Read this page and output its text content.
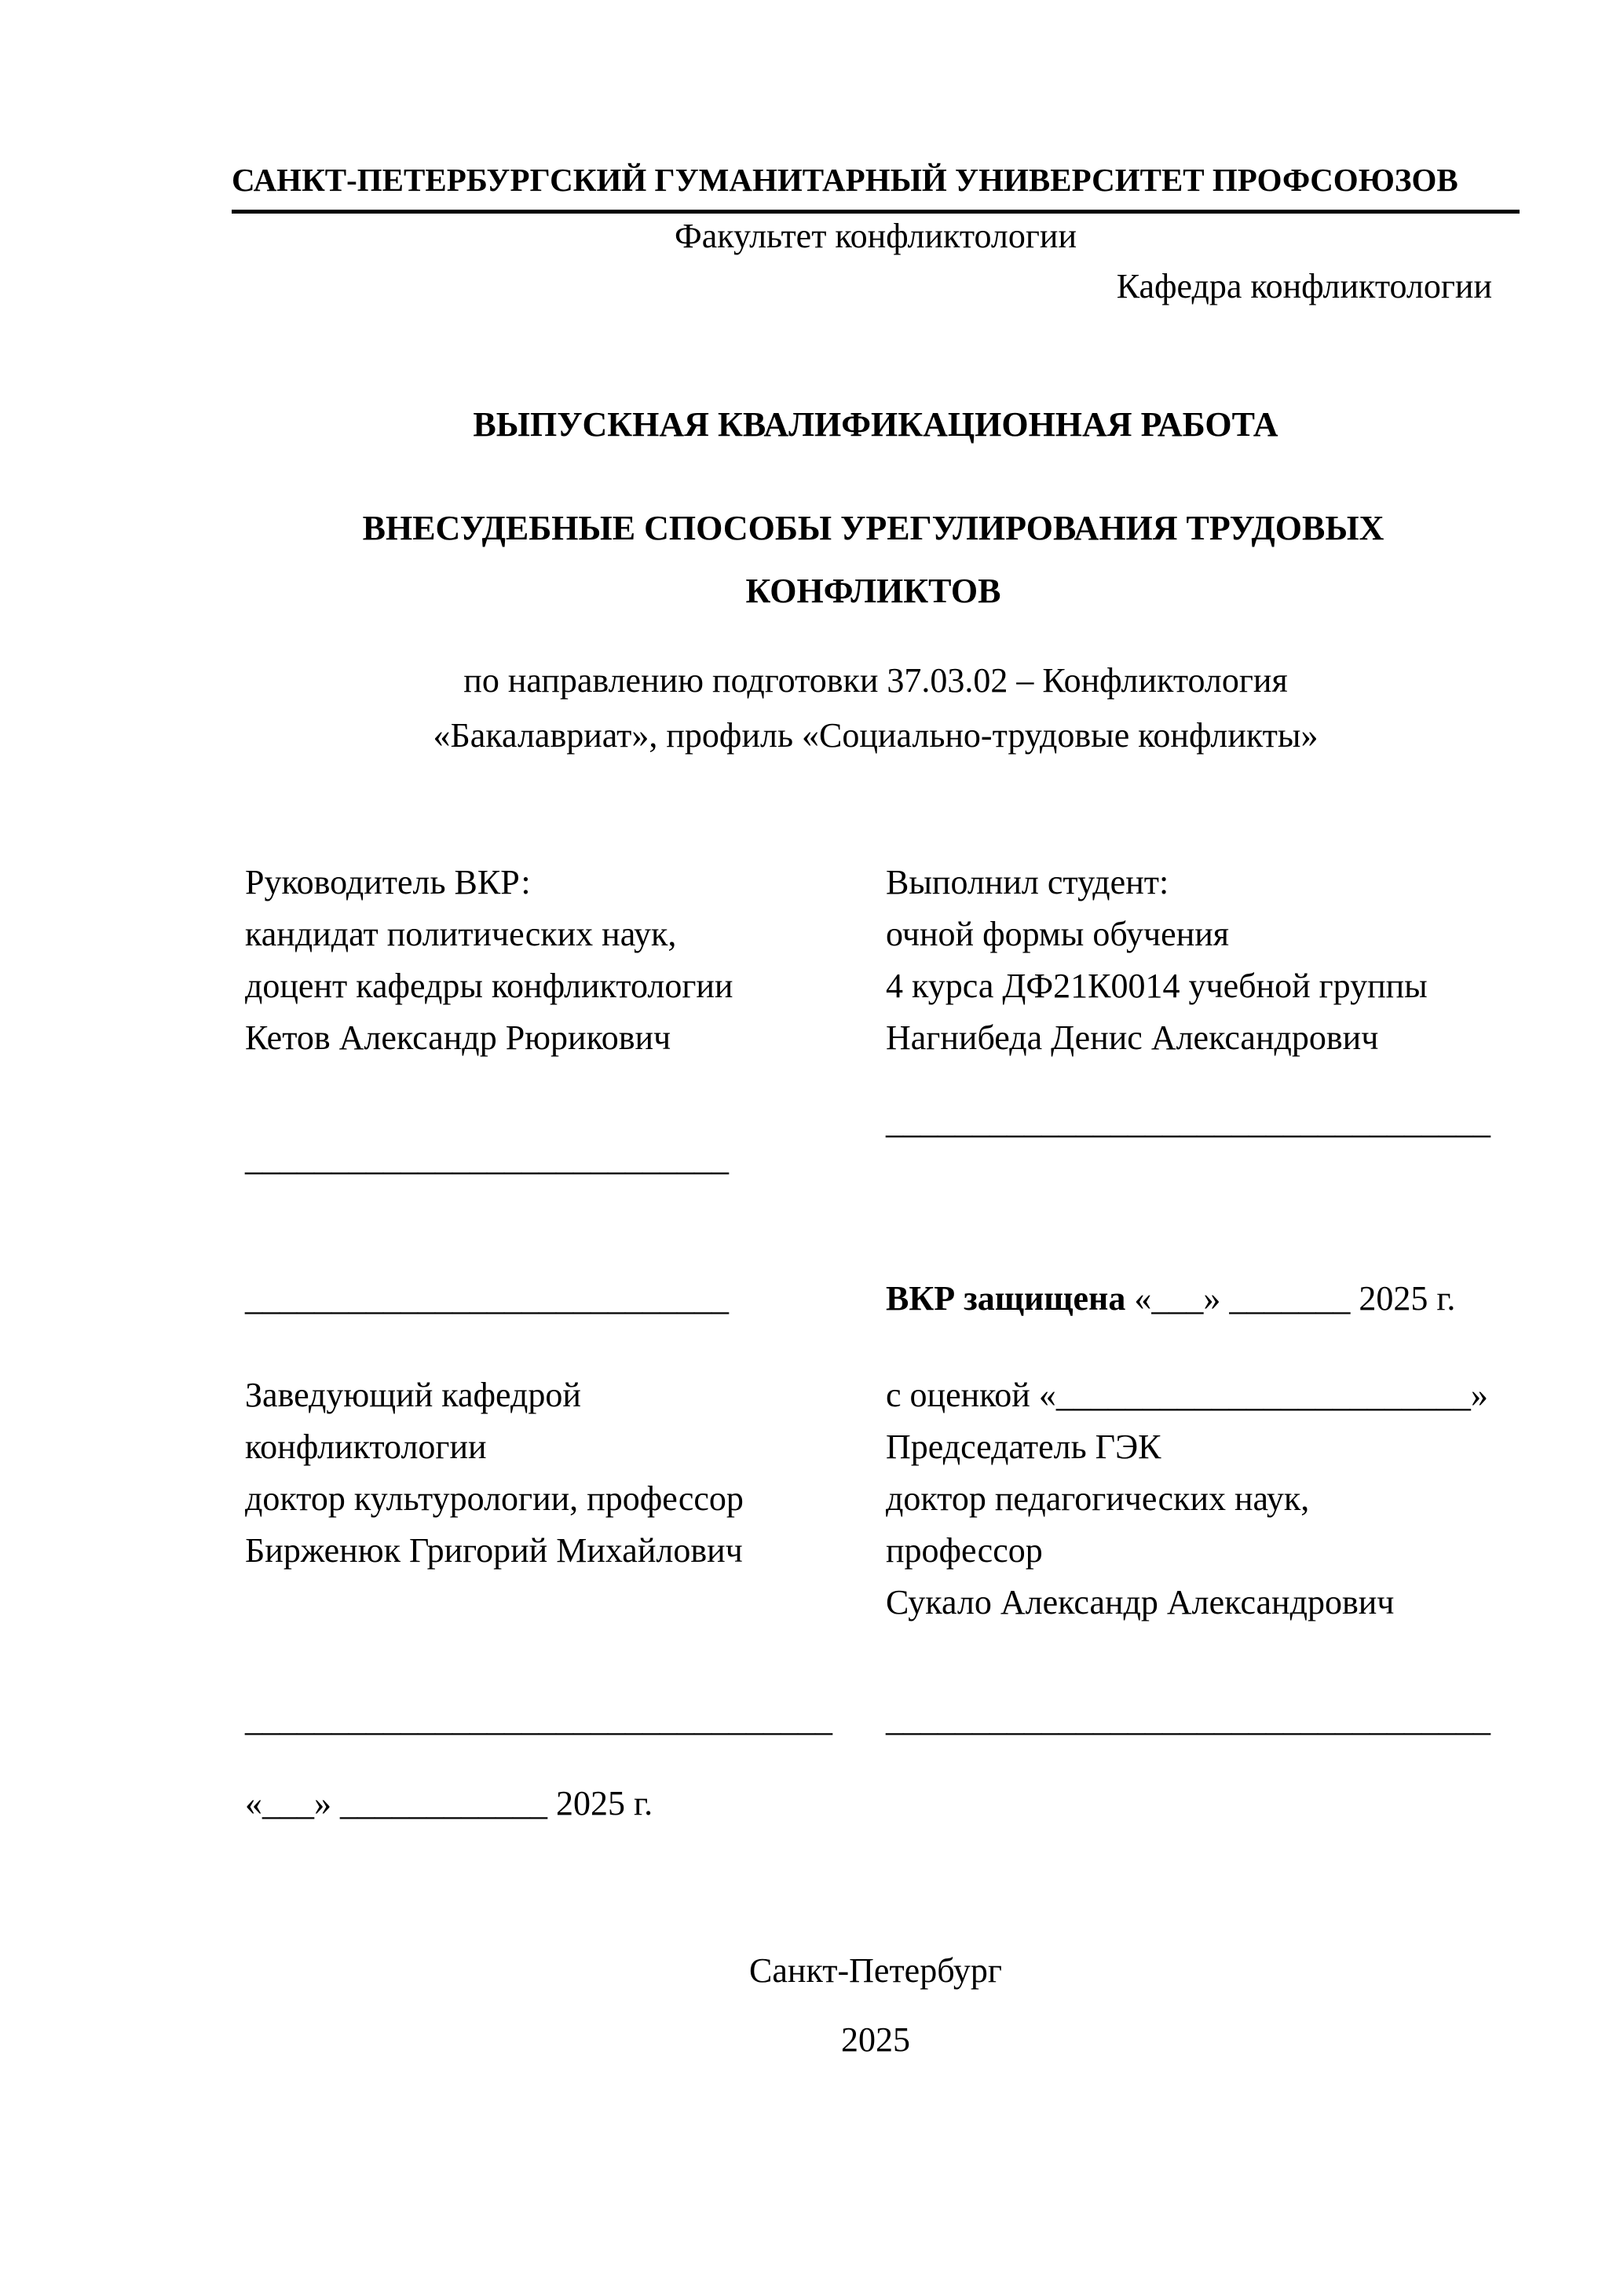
САНКТ-ПЕТЕРБУРГСКИЙ ГУМАНИТАРНЫЙ УНИВЕРСИТЕТ ПРОФСОЮЗОВ
Факультет конфликтологии
Кафедра конфликтологии
ВЫПУСКНАЯ КВАЛИФИКАЦИОННАЯ РАБОТА
ВНЕСУДЕБНЫЕ СПОСОБЫ УРЕГУЛИРОВАНИЯ ТРУДОВЫХ КОНФЛИКТОВ
по направлению подготовки 37.03.02 – Конфликтология
«Бакалавриат», профиль «Социально-трудовые конфликты»
Руководитель ВКР:
кандидат политических наук,
доцент кафедры конфликтологии
Кетов Александр Рюрикович
Выполнил студент:
очной формы обучения
4 курса ДФ21К0014 учебной группы
Нагнибеда Денис Александрович
___________________________________
____________________________
____________________________	ВКР защищена «___» _______ 2025 г.
Заведующий кафедрой
конфликтологии
доктор культурологии, профессор
Бирженюк Григорий Михайлович
с оценкой «________________________»
Председатель ГЭК
доктор педагогических наук,
профессор
Сукало Александр Александрович
__________________________________ ___________________________________
«___» ____________ 2025 г.
Санкт-Петербург
2025
